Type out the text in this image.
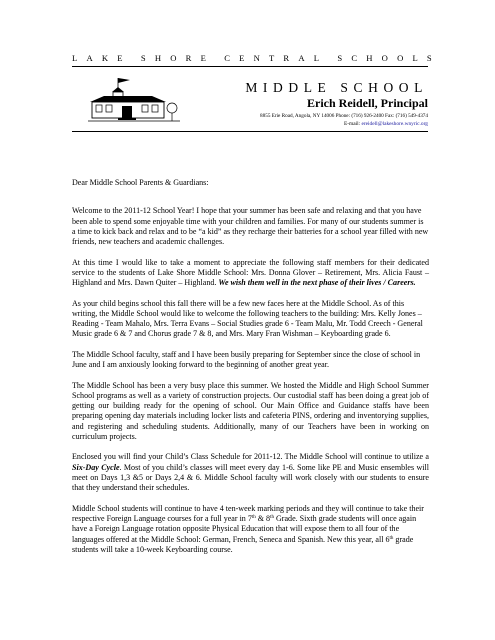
L A K E S H O R E C E N T R A L S C H O O L S
MIDDLE SCHOOL
Erich Reidell, Principal
8855 Erie Road, Angola, NY 14006 Phone: (716) 926-2400 Fax: (716) 549-4374
E-mail: ereidell@lakeshore.wnyric.org

Dear Middle School Parents & Guardians:

Welcome to the 2011-12 School Year! I hope that your summer has been safe and relaxing and that you have been able to spend some enjoyable time with your children and families. For many of our students summer is a time to kick back and relax and to be “a kid” as they recharge their batteries for a school year filled with new friends, new teachers and academic challenges.

At this time I would like to take a moment to appreciate the following staff members for their dedicated service to the students of Lake Shore Middle School: Mrs. Donna Glover – Retirement, Mrs. Alicia Faust – Highland and Mrs. Dawn Quiter – Highland. We wish them well in the next phase of their lives / Careers.

As your child begins school this fall there will be a few new faces here at the Middle School. As of this writing, the Middle School would like to welcome the following teachers to the building: Mrs. Kelly Jones – Reading - Team Mahalo, Mrs. Terra Evans – Social Studies grade 6 - Team Malu, Mr. Todd Creech - General Music grade 6 & 7 and Chorus grade 7 & 8, and Mrs. Mary Fran Wishman – Keyboarding grade 6.

The Middle School faculty, staff and I have been busily preparing for September since the close of school in June and I am anxiously looking forward to the beginning of another great year.

The Middle School has been a very busy place this summer. We hosted the Middle and High School Summer School programs as well as a variety of construction projects. Our custodial staff has been doing a great job of getting our building ready for the opening of school. Our Main Office and Guidance staffs have been preparing opening day materials including locker lists and cafeteria PINS, ordering and inventorying supplies, and registering and scheduling students. Additionally, many of our Teachers have been in working on curriculum projects.

Enclosed you will find your Child’s Class Schedule for 2011-12. The Middle School will continue to utilize a Six-Day Cycle. Most of you child’s classes will meet every day 1-6. Some like PE and Music ensembles will meet on Days 1,3 &5 or Days 2,4 & 6. Middle School faculty will work closely with our students to ensure that they understand their schedules.

Middle School students will continue to have 4 ten-week marking periods and they will continue to take their respective Foreign Language courses for a full year in 7th & 8th Grade. Sixth grade students will once again have a Foreign Language rotation opposite Physical Education that will expose them to all four of the languages offered at the Middle School: German, French, Seneca and Spanish. New this year, all 6th grade students will take a 10-week Keyboarding course.
